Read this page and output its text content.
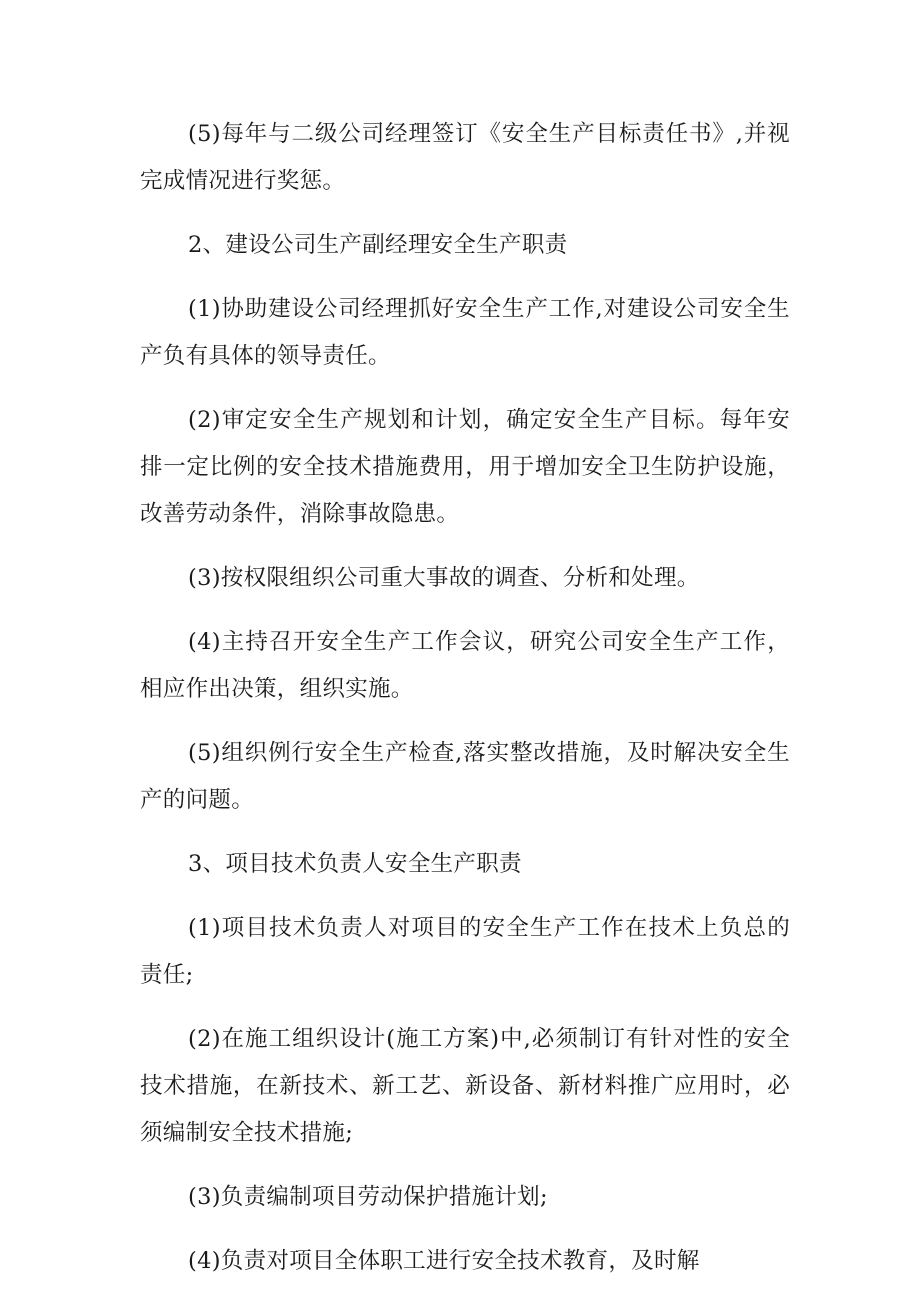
(5)每年与二级公司经理签订《安全生产目标责任书》,并视完成情况进行奖惩。

2、建设公司生产副经理安全生产职责

(1)协助建设公司经理抓好安全生产工作,对建设公司安全生产负有具体的领导责任。

(2)审定安全生产规划和计划，确定安全生产目标。每年安排一定比例的安全技术措施费用，用于增加安全卫生防护设施，改善劳动条件，消除事故隐患。

(3)按权限组织公司重大事故的调查、分析和处理。

(4)主持召开安全生产工作会议，研究公司安全生产工作，相应作出决策，组织实施。

(5)组织例行安全生产检查,落实整改措施，及时解决安全生产的问题。

3、项目技术负责人安全生产职责

(1)项目技术负责人对项目的安全生产工作在技术上负总的责任;

(2)在施工组织设计(施工方案)中,必须制订有针对性的安全技术措施，在新技术、新工艺、新设备、新材料推广应用时，必须编制安全技术措施;

(3)负责编制项目劳动保护措施计划;

(4)负责对项目全体职工进行安全技术教育，及时解
